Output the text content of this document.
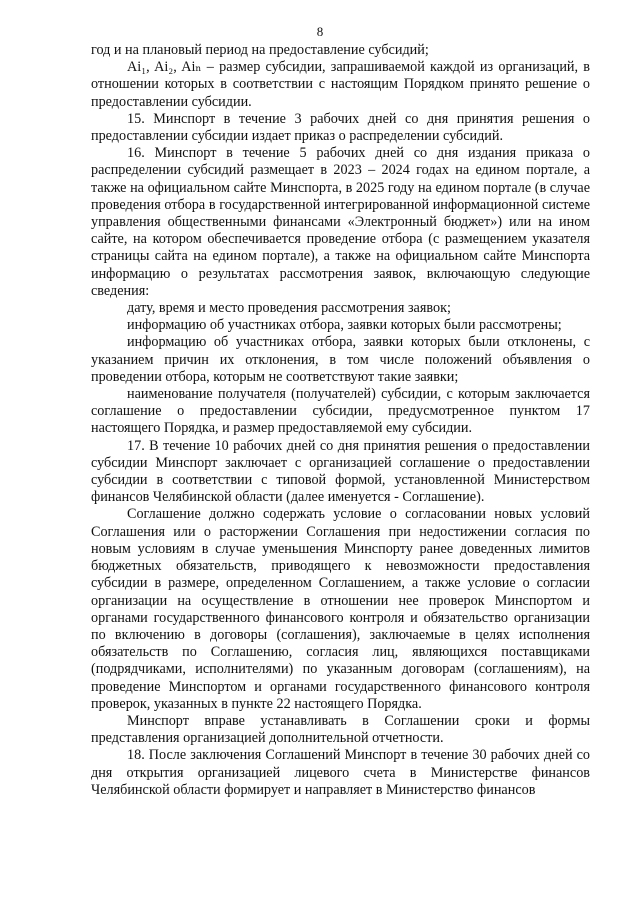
8

год и на плановый период на предоставление субсидий;

Ai₁, Ai₂, Aiₙ – размер субсидии, запрашиваемой каждой из организаций, в отношении которых в соответствии с настоящим Порядком принято решение о предоставлении субсидии.

15. Минспорт в течение 3 рабочих дней со дня принятия решения о предоставлении субсидии издает приказ о распределении субсидий.

16. Минспорт в течение 5 рабочих дней со дня издания приказа о распределении субсидий размещает в 2023 – 2024 годах на едином портале, а также на официальном сайте Минспорта, в 2025 году на едином портале (в случае проведения отбора в государственной интегрированной информационной системе управления общественными финансами «Электронный бюджет») или на ином сайте, на котором обеспечивается проведение отбора (с размещением указателя страницы сайта на едином портале), а также на официальном сайте Минспорта информацию о результатах рассмотрения заявок, включающую следующие сведения:

дату, время и место проведения рассмотрения заявок;

информацию об участниках отбора, заявки которых были рассмотрены;

информацию об участниках отбора, заявки которых были отклонены, с указанием причин их отклонения, в том числе положений объявления о проведении отбора, которым не соответствуют такие заявки;

наименование получателя (получателей) субсидии, с которым заключается соглашение о предоставлении субсидии, предусмотренное пунктом 17 настоящего Порядка, и размер предоставляемой ему субсидии.

17. В течение 10 рабочих дней со дня принятия решения о предоставлении субсидии Минспорт заключает с организацией соглашение о предоставлении субсидии в соответствии с типовой формой, установленной Министерством финансов Челябинской области (далее именуется - Соглашение).

Соглашение должно содержать условие о согласовании новых условий Соглашения или о расторжении Соглашения при недостижении согласия по новым условиям в случае уменьшения Минспорту ранее доведенных лимитов бюджетных обязательств, приводящего к невозможности предоставления субсидии в размере, определенном Соглашением, а также условие о согласии организации на осуществление в отношении нее проверок Минспортом и органами государственного финансового контроля и обязательство организации по включению в договоры (соглашения), заключаемые в целях исполнения обязательств по Соглашению, согласия лиц, являющихся поставщиками (подрядчиками, исполнителями) по указанным договорам (соглашениям), на проведение Минспортом и органами государственного финансового контроля проверок, указанных в пункте 22 настоящего Порядка.

Минспорт вправе устанавливать в Соглашении сроки и формы представления организацией дополнительной отчетности.

18. После заключения Соглашений Минспорт в течение 30 рабочих дней со дня открытия организацией лицевого счета в Министерстве финансов Челябинской области формирует и направляет в Министерство финансов
